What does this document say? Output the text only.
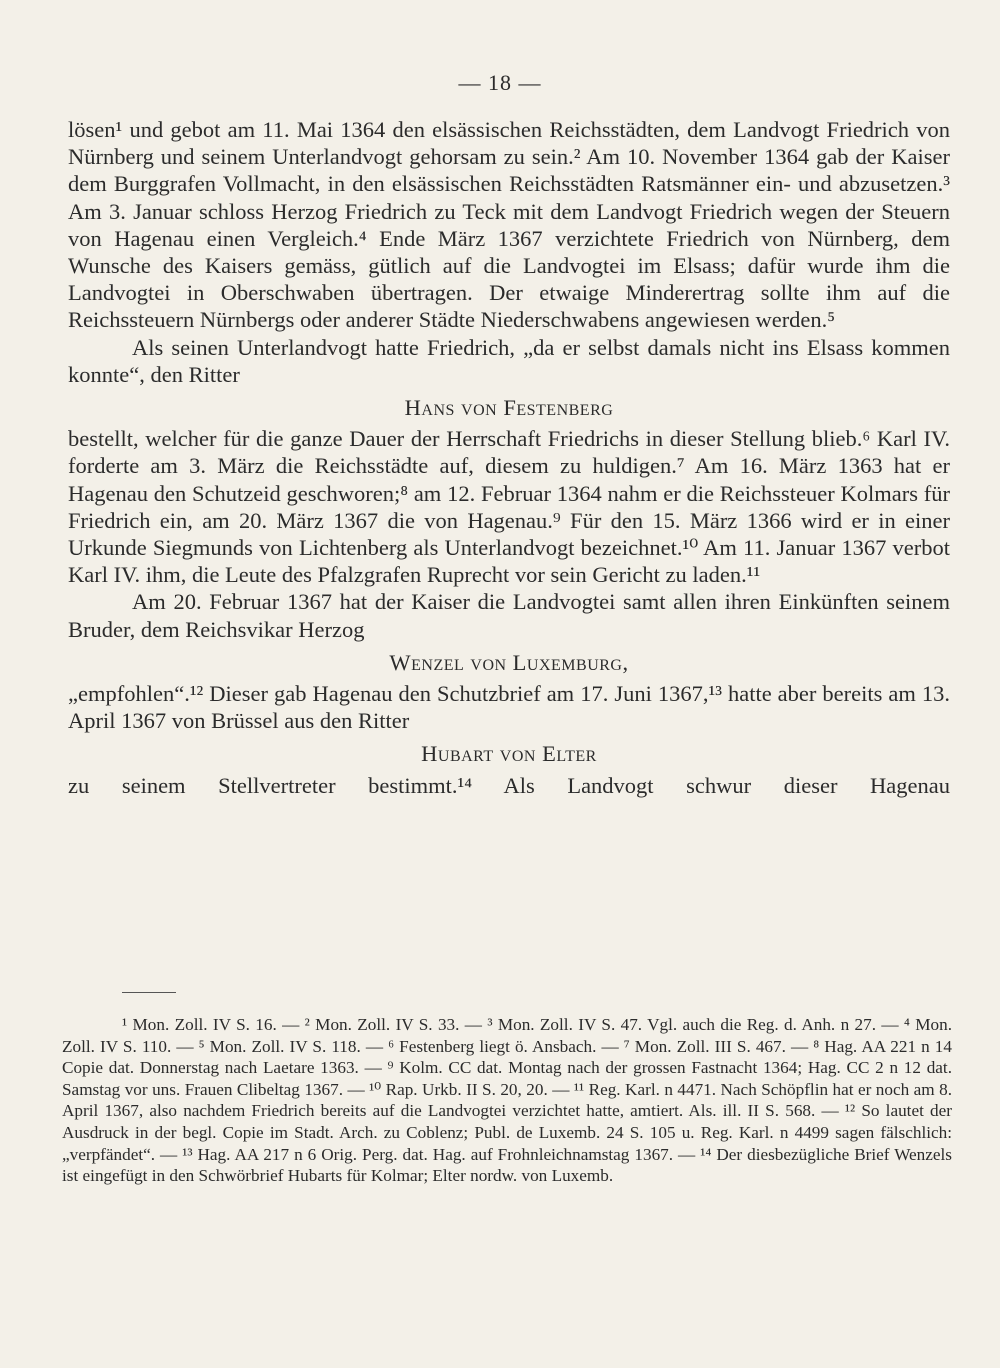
— 18 —

lösen¹ und gebot am 11. Mai 1364 den elsässischen Reichsstädten, dem Landvogt Friedrich von Nürnberg und seinem Unterlandvogt gehorsam zu sein.² Am 10. November 1364 gab der Kaiser dem Burggrafen Vollmacht, in den elsässischen Reichsstädten Ratsmänner ein- und abzusetzen.³ Am 3. Januar schloss Herzog Friedrich zu Teck mit dem Landvogt Friedrich wegen der Steuern von Hagenau einen Vergleich.⁴ Ende März 1367 verzichtete Friedrich von Nürnberg, dem Wunsche des Kaisers gemäss, gütlich auf die Landvogtei im Elsass; dafür wurde ihm die Landvogtei in Oberschwaben übertragen. Der etwaige Minderertrag sollte ihm auf die Reichssteuern Nürnbergs oder anderer Städte Niederschwabens angewiesen werden.⁵

Als seinen Unterlandvogt hatte Friedrich, „da er selbst damals nicht ins Elsass kommen konnte“, den Ritter

Hans von Festenberg

bestellt, welcher für die ganze Dauer der Herrschaft Friedrichs in dieser Stellung blieb.⁶ Karl IV. forderte am 3. März die Reichsstädte auf, diesem zu huldigen.⁷ Am 16. März 1363 hat er Hagenau den Schutzeid geschworen;⁸ am 12. Februar 1364 nahm er die Reichssteuer Kolmars für Friedrich ein, am 20. März 1367 die von Hagenau.⁹ Für den 15. März 1366 wird er in einer Urkunde Siegmunds von Lichtenberg als Unterlandvogt bezeichnet.¹⁰ Am 11. Januar 1367 verbot Karl IV. ihm, die Leute des Pfalzgrafen Ruprecht vor sein Gericht zu laden.¹¹

Am 20. Februar 1367 hat der Kaiser die Landvogtei samt allen ihren Einkünften seinem Bruder, dem Reichsvikar Herzog

Wenzel von Luxemburg,

„empfohlen“.¹² Dieser gab Hagenau den Schutzbrief am 17. Juni 1367,¹³ hatte aber bereits am 13. April 1367 von Brüssel aus den Ritter

Hubart von Elter

zu seinem Stellvertreter bestimmt.¹⁴ Als Landvogt schwur dieser Hagenau

¹ Mon. Zoll. IV S. 16. — ² Mon. Zoll. IV S. 33. — ³ Mon. Zoll. IV S. 47. Vgl. auch die Reg. d. Anh. n 27. — ⁴ Mon. Zoll. IV S. 110. — ⁵ Mon. Zoll. IV S. 118. — ⁶ Festenberg liegt ö. Ansbach. — ⁷ Mon. Zoll. III S. 467. — ⁸ Hag. AA 221 n 14 Copie dat. Donnerstag nach Laetare 1363. — ⁹ Kolm. CC dat. Montag nach der grossen Fastnacht 1364; Hag. CC 2 n 12 dat. Samstag vor uns. Frauen Clibeltag 1367. — ¹⁰ Rap. Urkb. II S. 20, 20. — ¹¹ Reg. Karl. n 4471. Nach Schöpflin hat er noch am 8. April 1367, also nachdem Friedrich bereits auf die Landvogtei verzichtet hatte, amtiert. Als. ill. II S. 568. — ¹² So lautet der Ausdruck in der begl. Copie im Stadt. Arch. zu Coblenz; Publ. de Luxemb. 24 S. 105 u. Reg. Karl. n 4499 sagen fälschlich: „verpfändet“. — ¹³ Hag. AA 217 n 6 Orig. Perg. dat. Hag. auf Frohnleichnamstag 1367. — ¹⁴ Der diesbezügliche Brief Wenzels ist eingefügt in den Schwörbrief Hubarts für Kolmar; Elter nordw. von Luxemb.
